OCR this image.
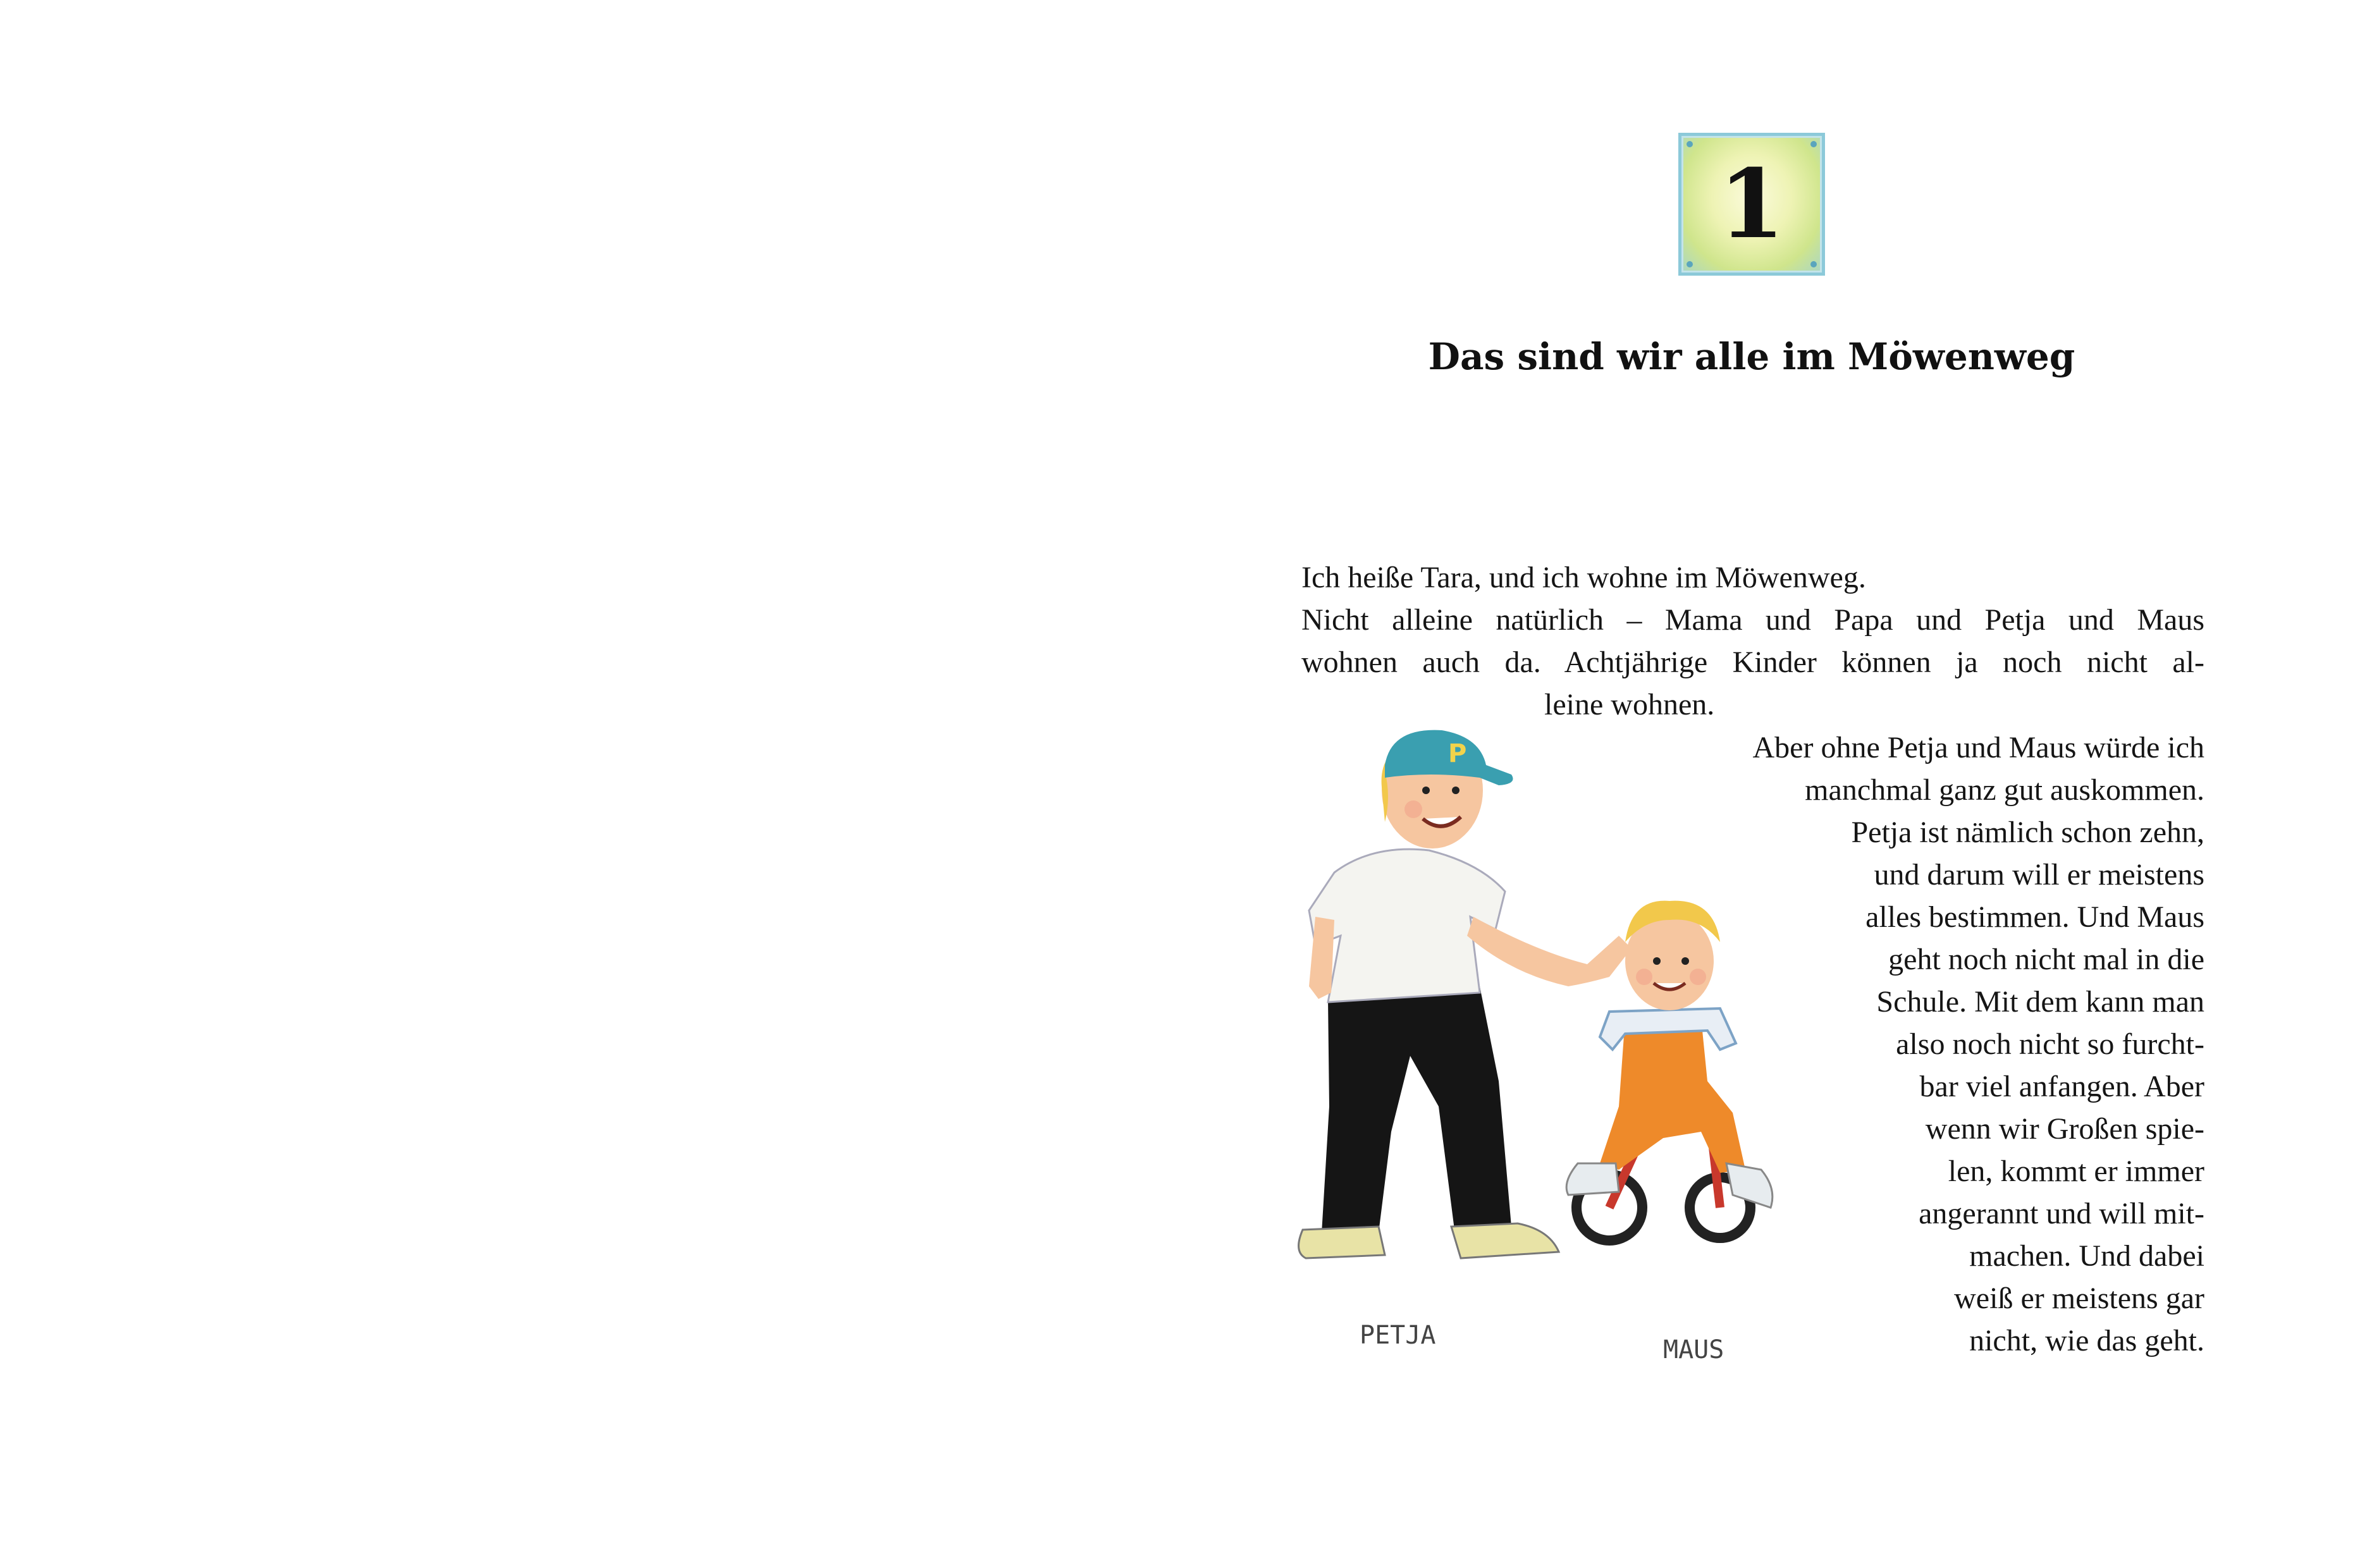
1
Das sind wir alle im Möwenweg
Ich heiße Tara, und ich wohne im Möwenweg.
Nicht alleine natürlich – Mama und Papa und Petja und Maus
wohnen auch da. Achtjährige Kinder können ja noch nicht al-
leine wohnen.
Aber ohne Petja und Maus würde ich
manchmal ganz gut auskommen.
Petja ist nämlich schon zehn,
und darum will er meistens
alles bestimmen. Und Maus
geht noch nicht mal in die
Schule. Mit dem kann man
also noch nicht so furcht-
bar viel anfangen. Aber
wenn wir Großen spie-
len, kommt er immer
angerannt und will mit-
machen. Und dabei
weiß er meistens gar
nicht, wie das geht.
P
PETJA	MAUS
